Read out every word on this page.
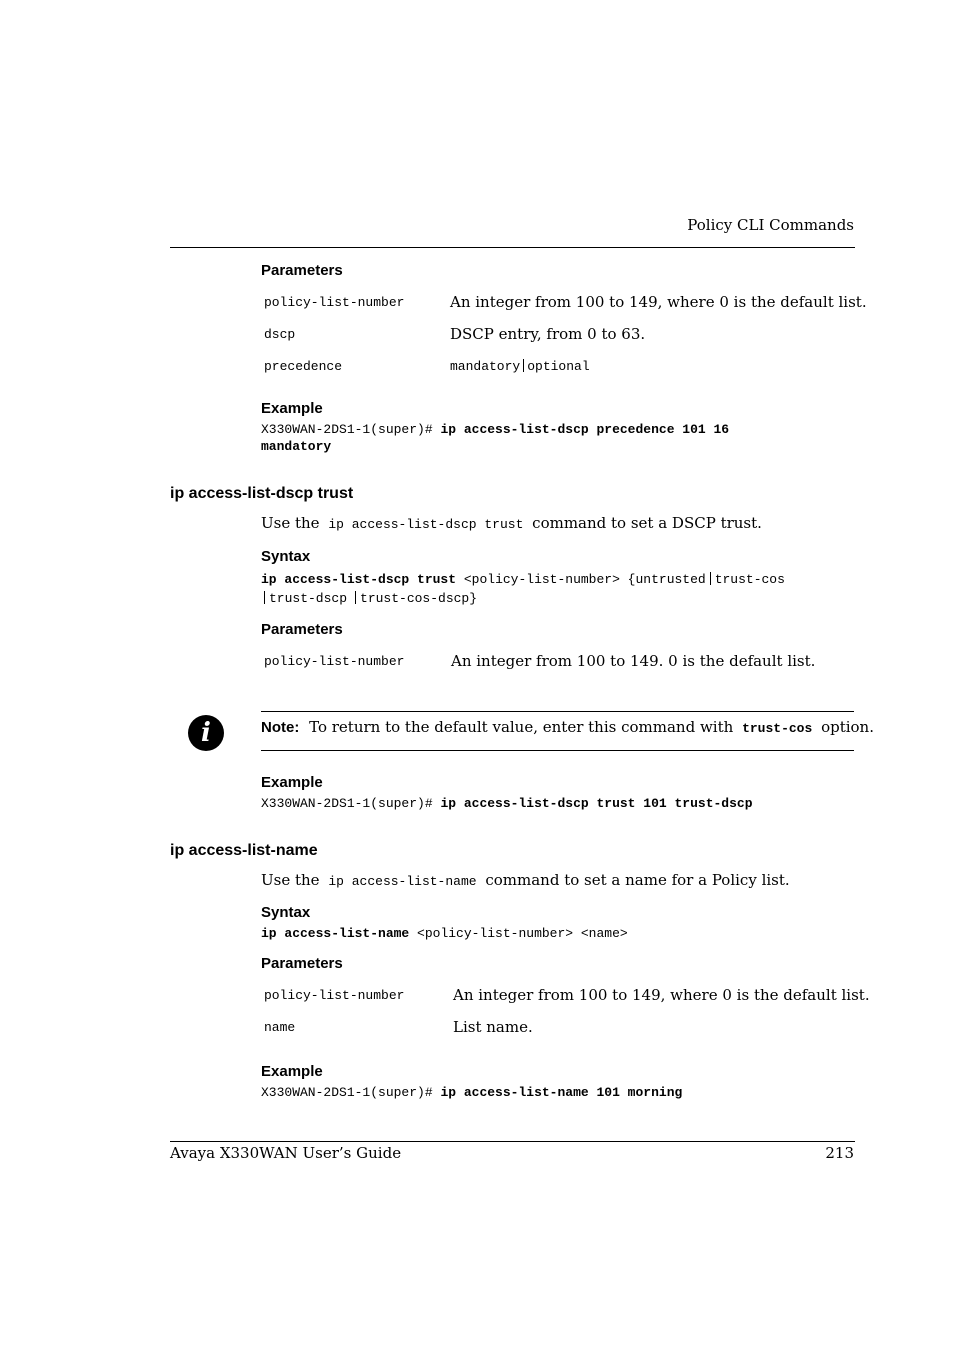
Policy CLI Commands
Parameters
policy-list-number	An integer from 100 to 149, where 0 is the default list.
dscp	DSCP entry, from 0 to 63.
precedence	mandatory optional
Example
X330WAN-2DS1-1(super)# ip access-list-dscp precedence 101 16
mandatory
ip access-list-dscp trust
Use the ip access-list-dscp trust command to set a DSCP trust.
Syntax
ip access-list-dscp trust <policy-list-number> {untrusted trust-cos
trust-dscp trust-cos-dscp}
Parameters
policy-list-number	An integer from 100 to 149. 0 is the default list.
i	Note: To return to the default value, enter this command with trust-cos option.
Example
X330WAN-2DS1-1(super)# ip access-list-dscp trust 101 trust-dscp
ip access-list-name
Use the ip access-list-name command to set a name for a Policy list.
Syntax
ip access-list-name <policy-list-number> <name>
Parameters
policy-list-number	An integer from 100 to 149, where 0 is the default list.
name	List name.
Example
X330WAN-2DS1-1(super)# ip access-list-name 101 morning
Avaya X330WAN User’s Guide	213
